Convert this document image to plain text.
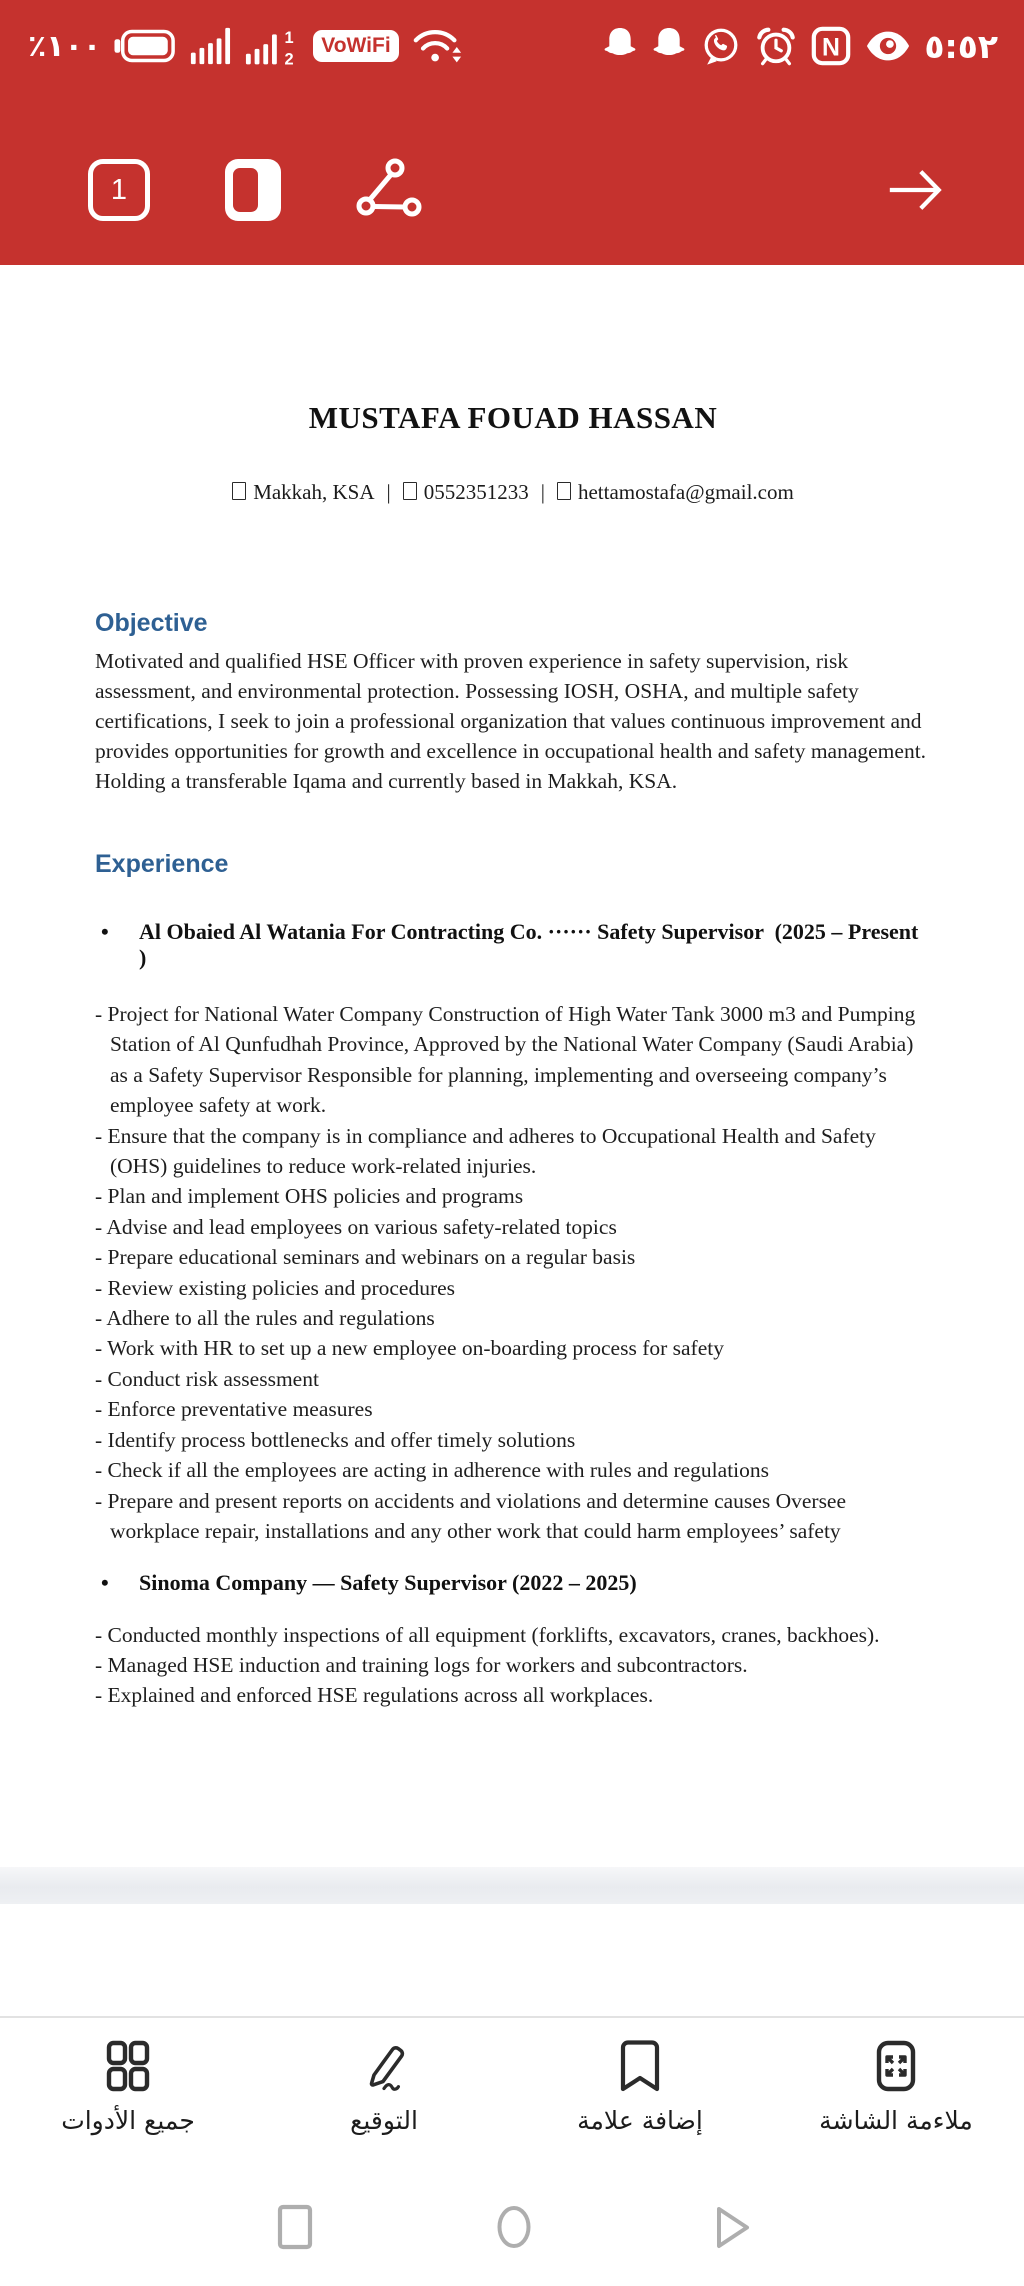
٪١٠٠	1
2
VoWiFi	N	٥:٥٢
1
MUSTAFA FOUAD HASSAN
Makkah, KSA | 0552351233 | hettamostafa@gmail.com
Objective
Motivated and qualified HSE Officer with proven experience in safety supervision, risk assessment, and environmental protection. Possessing IOSH, OSHA, and multiple safety certifications, I seek to join a professional organization that values continuous improvement and provides opportunities for growth and excellence in occupational health and safety management. Holding a transferable Iqama and currently based in Makkah, KSA.
Experience
•	Al Obaied Al Watania For Contracting Co. ······ Safety Supervisor  (2025 – Present )
- Project for National Water Company Construction of High Water Tank 3000 m3 and Pumping Station of Al Qunfudhah Province, Approved by the National Water Company (Saudi Arabia) as a Safety Supervisor Responsible for planning, implementing and overseeing company’s employee safety at work.
- Ensure that the company is in compliance and adheres to Occupational Health and Safety (OHS) guidelines to reduce work-related injuries.
- Plan and implement OHS policies and programs
- Advise and lead employees on various safety-related topics
- Prepare educational seminars and webinars on a regular basis
- Review existing policies and procedures
- Adhere to all the rules and regulations
- Work with HR to set up a new employee on-boarding process for safety
- Conduct risk assessment
- Enforce preventative measures
- Identify process bottlenecks and offer timely solutions
- Check if all the employees are acting in adherence with rules and regulations
- Prepare and present reports on accidents and violations and determine causes Oversee workplace repair, installations and any other work that could harm employees’ safety
•	Sinoma Company — Safety Supervisor (2022 – 2025)
- Conducted monthly inspections of all equipment (forklifts, excavators, cranes, backhoes).
- Managed HSE induction and training logs for workers and subcontractors.
- Explained and enforced HSE regulations across all workplaces.
جميع الأدوات	التوقيع	إضافة علامة	ملاءمة الشاشة
